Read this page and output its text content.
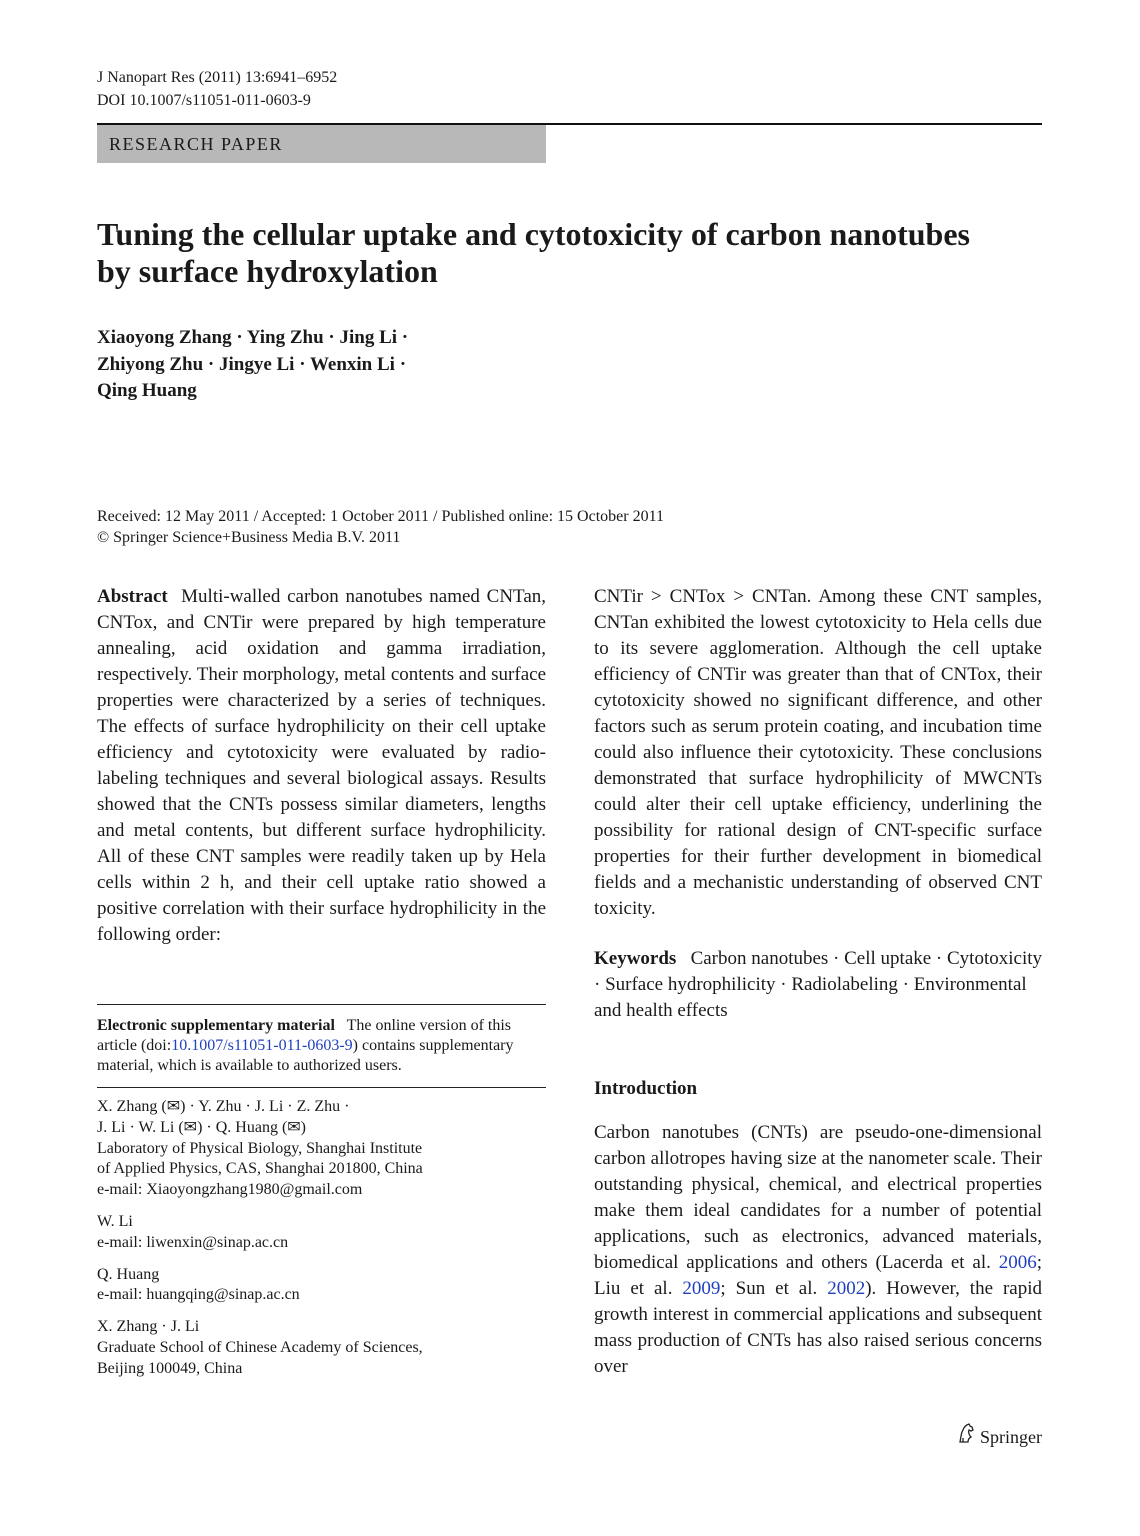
J Nanopart Res (2011) 13:6941–6952
DOI 10.1007/s11051-011-0603-9
RESEARCH PAPER
Tuning the cellular uptake and cytotoxicity of carbon nanotubes by surface hydroxylation
Xiaoyong Zhang · Ying Zhu · Jing Li ·
Zhiyong Zhu · Jingye Li · Wenxin Li ·
Qing Huang
Received: 12 May 2011 / Accepted: 1 October 2011 / Published online: 15 October 2011
© Springer Science+Business Media B.V. 2011

Abstract Multi-walled carbon nanotubes named CNTan, CNTox, and CNTir were prepared by high temperature annealing, acid oxidation and gamma irradiation, respectively. Their morphology, metal contents and surface properties were characterized by a series of techniques. The effects of surface hydrophilicity on their cell uptake efficiency and cytotoxicity were evaluated by radio-labeling techniques and several biological assays. Results showed that the CNTs possess similar diameters, lengths and metal contents, but different surface hydrophilicity. All of these CNT samples were readily taken up by Hela cells within 2 h, and their cell uptake ratio showed a positive correlation with their surface hydrophilicity in the following order:

Electronic supplementary material The online version of this article (doi:10.1007/s11051-011-0603-9) contains supplementary material, which is available to authorized users.

X. Zhang (✉) · Y. Zhu · J. Li · Z. Zhu ·
J. Li · W. Li (✉) · Q. Huang (✉)
Laboratory of Physical Biology, Shanghai Institute
of Applied Physics, CAS, Shanghai 201800, China
e-mail: Xiaoyongzhang1980@gmail.com

W. Li
e-mail: liwenxin@sinap.ac.cn

Q. Huang
e-mail: huangqing@sinap.ac.cn

X. Zhang · J. Li
Graduate School of Chinese Academy of Sciences,
Beijing 100049, China

CNTir > CNTox > CNTan. Among these CNT samples, CNTan exhibited the lowest cytotoxicity to Hela cells due to its severe agglomeration. Although the cell uptake efficiency of CNTir was greater than that of CNTox, their cytotoxicity showed no significant difference, and other factors such as serum protein coating, and incubation time could also influence their cytotoxicity. These conclusions demonstrated that surface hydrophilicity of MWCNTs could alter their cell uptake efficiency, underlining the possibility for rational design of CNT-specific surface properties for their further development in biomedical fields and a mechanistic understanding of observed CNT toxicity.

Keywords Carbon nanotubes · Cell uptake · Cytotoxicity · Surface hydrophilicity · Radiolabeling · Environmental and health effects

Introduction

Carbon nanotubes (CNTs) are pseudo-one-dimensional carbon allotropes having size at the nanometer scale. Their outstanding physical, chemical, and electrical properties make them ideal candidates for a number of potential applications, such as electronics, advanced materials, biomedical applications and others (Lacerda et al. 2006; Liu et al. 2009; Sun et al. 2002). However, the rapid growth interest in commercial applications and subsequent mass production of CNTs has also raised serious concerns over

Springer
